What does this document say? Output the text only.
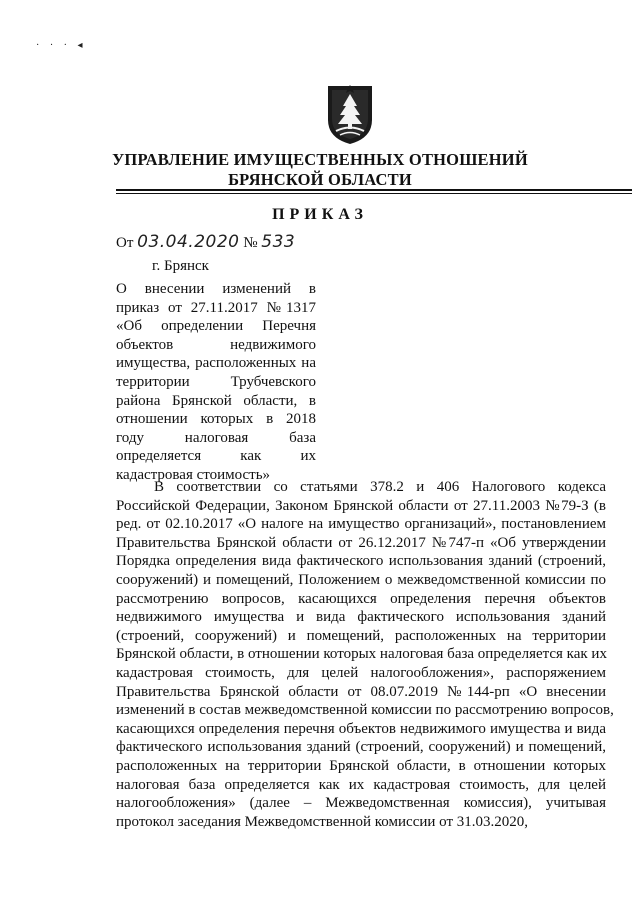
· · · ◂
УПРАВЛЕНИЕ ИМУЩЕСТВЕННЫХ ОТНОШЕНИЙ
БРЯНСКОЙ ОБЛАСТИ
ПРИКАЗ
От 03.04.2020 № 533
г. Брянск
О внесении изменений в
приказ от 27.11.2017 №1317
«Об определении Перечня
объектов недвижимого
имущества, расположенных на
территории Трубчевского
района Брянской области, в
отношении которых в 2018
году налоговая база
определяется как их
кадастровая стоимость»
В соответствии со статьями 378.2 и 406 Налогового кодекса
Российской Федерации, Законом Брянской области от 27.11.2003 №79-З (в
ред. от 02.10.2017 «О налоге на имущество организаций», постановлением
Правительства Брянской области от 26.12.2017 №747-п «Об утверждении
Порядка определения вида фактического использования зданий (строений,
сооружений) и помещений, Положением о межведомственной комиссии по
рассмотрению вопросов, касающихся определения перечня объектов
недвижимого имущества и вида фактического использования зданий
(строений, сооружений) и помещений, расположенных на территории
Брянской области, в отношении которых налоговая база определяется как их
кадастровая стоимость, для целей налогообложения», распоряжением
Правительства Брянской области от 08.07.2019 №144-рп «О внесении
изменений в состав межведомственной комиссии по рассмотрению вопросов,
касающихся определения перечня объектов недвижимого имущества и вида
фактического использования зданий (строений, сооружений) и помещений,
расположенных на территории Брянской области, в отношении которых
налоговая база определяется как их кадастровая стоимость, для целей
налогообложения» (далее – Межведомственная комиссия), учитывая
протокол заседания Межведомственной комиссии от 31.03.2020,
